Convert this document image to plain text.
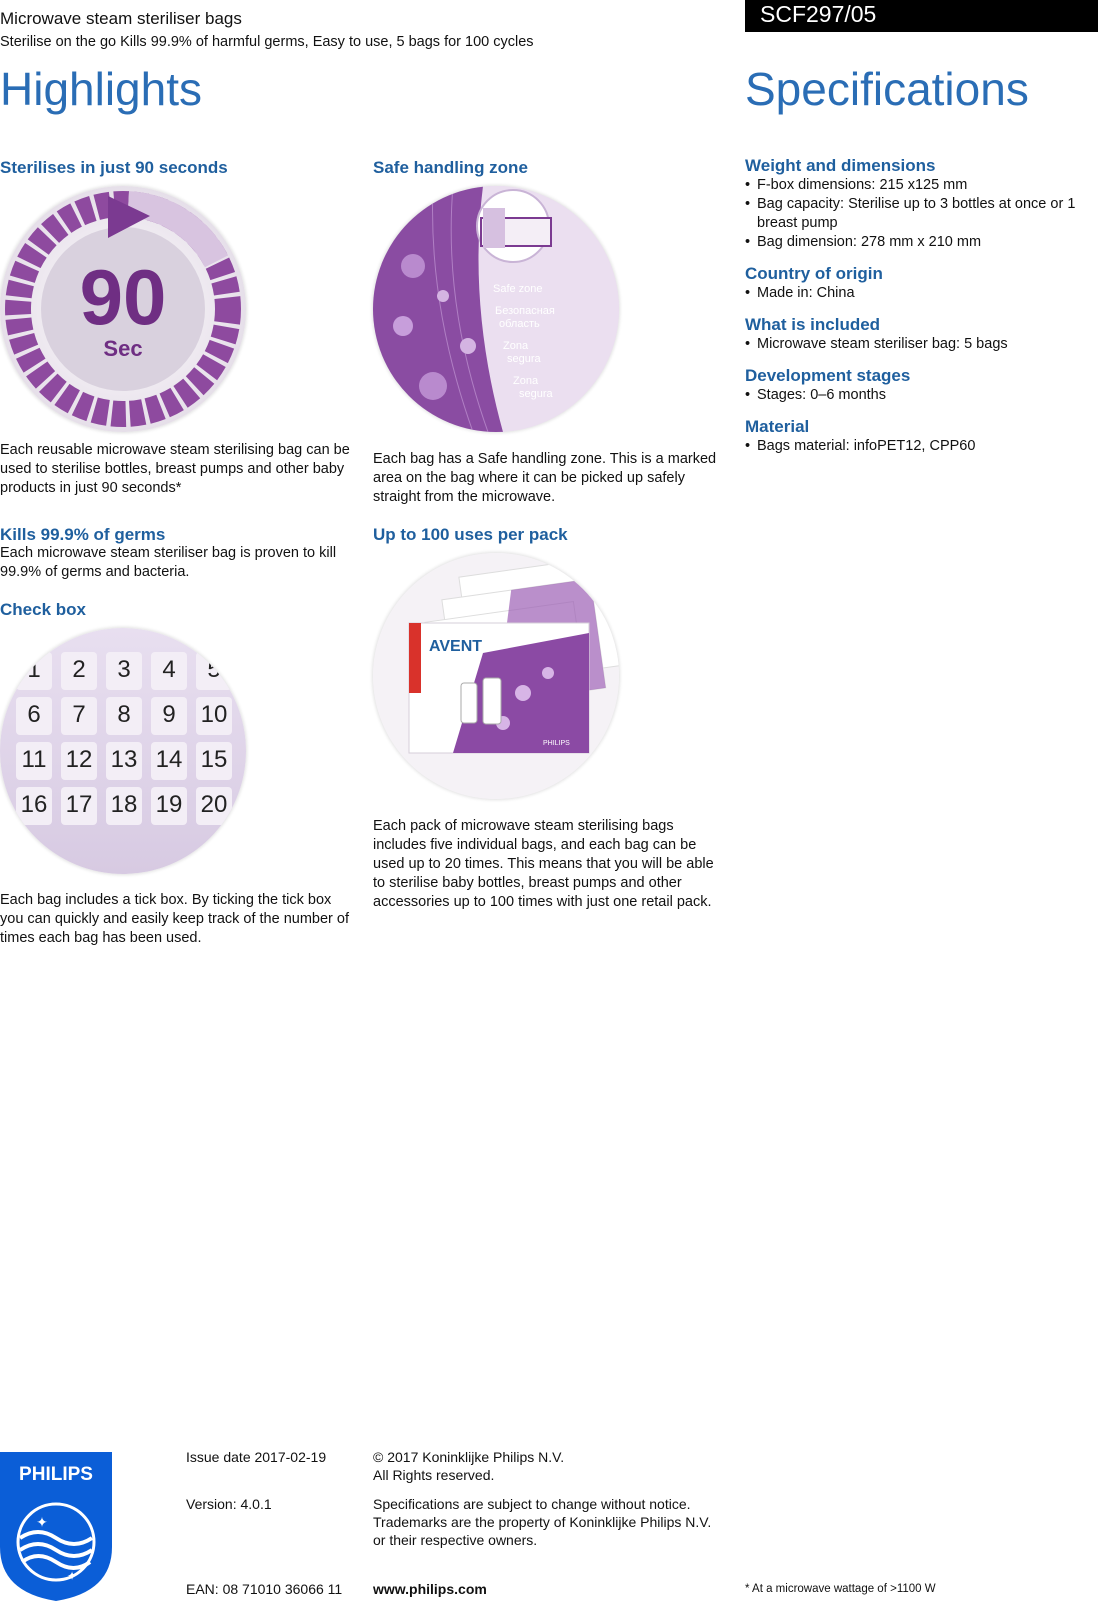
Microwave steam steriliser bags
Sterilise on the go Kills 99.9% of harmful germs, Easy to use, 5 bags for 100 cycles
SCF297/05
Highlights	Specifications
Sterilises in just 90 seconds
90
Sec
Each reusable microwave steam sterilising bag can be used to sterilise bottles, breast pumps and other baby products in just 90 seconds*
Kills 99.9% of germs
Each microwave steam steriliser bag is proven to kill 99.9% of germs and bacteria.
Check box
1	2	3	4	5
6	7	8	9	10
11 12 13 14 15
16 17 18 19 20
Each bag includes a tick box. By ticking the tick box you can quickly and easily keep track of the number of times each bag has been used.
Safe handling zone
Safe zone
Безопасная
область
Zona
segura
Zona
segura
Each bag has a Safe handling zone. This is a marked area on the bag where it can be picked up safely straight from the microwave.
Up to 100 uses per pack
AVENT
PHILIPS
Each pack of microwave steam sterilising bags includes five individual bags, and each bag can be used up to 20 times. This means that you will be able to sterilise baby bottles, breast pumps and other accessories up to 100 times with just one retail pack.
Weight and dimensions
• F-box dimensions: 215 x125 mm
• Bag capacity: Sterilise up to 3 bottles at once or 1 breast pump
• Bag dimension: 278 mm x 210 mm
Country of origin
• Made in: China
What is included
• Microwave steam steriliser bag: 5 bags
Development stages
• Stages: 0–6 months
Material
• Bags material: infoPET12, CPP60
PHILIPS
✦
✦
Issue date 2017-02-19
Version: 4.0.1
EAN: 08 71010 36066 11
© 2017 Koninklijke Philips N.V.
All Rights reserved.
Specifications are subject to change without notice.
Trademarks are the property of Koninklijke Philips N.V.
or their respective owners.
www.philips.com	* At a microwave wattage of >1100 W
